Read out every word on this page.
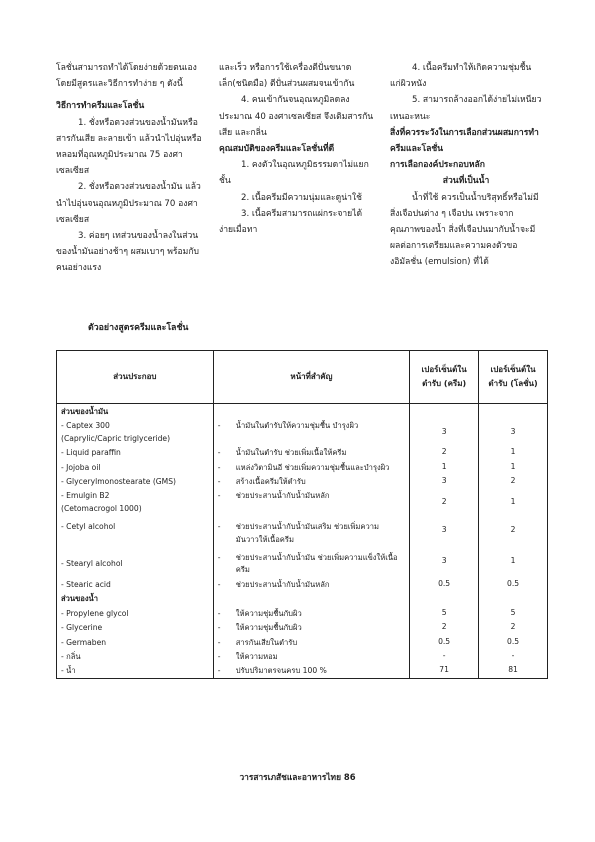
โลชั่นสามารถทำได้โดยง่ายด้วยตนเอง โดยมีสูตรและวิธีการทำง่าย ๆ ดังนี้

วิธีการทำครีมและโลชั่น

1. ชั่งหรือตวงส่วนของน้ำมันหรือสารกันเสีย ละลายเข้า แล้วนำไปอุ่นหรือหลอมที่อุณหภูมิประมาณ 75 องศาเซลเซียส

2. ชั่งหรือตวงส่วนของน้ำมัน แล้วนำไปอุ่นจนอุณหภูมิประมาณ 70 องศาเซลเซียส

3. ค่อยๆ เทส่วนของน้ำลงในส่วนของน้ำมันอย่างช้าๆ ผสมเบาๆ พร้อมกับคนอย่างแรง

และเร็ว หรือการใช้เครื่องตีปั่นขนาดเล็ก(ชนิดมือ) ตีปั่นส่วนผสมจนเข้ากัน

4. คนเข้ากันจนอุณหภูมิลดลงประมาณ 40 องศาเซลเซียส จึงเติมสารกันเสีย และกลิ่น

คุณสมบัติของครีมและโลชั่นที่ดี

1. คงตัวในอุณหภูมิธรรมดาไม่แยกชั้น

2. เนื้อครีมมีความนุ่มและดูน่าใช้

3. เนื้อครีมสามารถแผ่กระจายได้ง่ายเมื่อทา

4. เนื้อครีมทำให้เกิดความชุ่มชื้นแก่ผิวหนัง

5. สามารถล้างออกได้ง่ายไม่เหนียวเหนอะหนะ

สิ่งที่ควรระวังในการเลือกส่วนผสมการทำครีมและโลชั่น

การเลือกองค์ประกอบหลัก

ส่วนที่เป็นน้ำ

น้ำที่ใช้ ควรเป็นน้ำบริสุทธิ์หรือไม่มีสิ่งเจือปนต่าง ๆ เจือปน เพราะจากคุณภาพของน้ำ สิ่งที่เจือปนมากับน้ำจะมีผลต่อการเตรียมและความคงตัวของอิมัลชั่น (emulsion) ที่ได้

ตัวอย่างสูตรครีมและโลชั่น
ส่วนประกอบ	หน้าที่สำคัญ	เปอร์เซ็นต์ในตำรับ (ครีม)	เปอร์เซ็นต์ในตำรับ (โลชั่น)
ส่วนของน้ำมัน			

- Captex 300
(Caprylic/Capric triglyceride)	- น้ำมันในตำรับให้ความชุ่มชื้น บำรุงผิว	3	3

- Liquid paraffin	- น้ำมันในตำรับ ช่วยเพิ่มเนื้อให้ครีม	2	1

- Jojoba oil	- แหล่งวิตามินอี ช่วยเพิ่มความชุ่มชื้นและบำรุงผิว	1	1

- Glycerylmonostearate (GMS)	- สร้างเนื้อครีมให้ตำรับ	3	2

- Emulgin B2
(Cetomacrogol 1000)	- ช่วยประสานน้ำกับน้ำมันหลัก	2	1

- Cetyl alcohol	- ช่วยประสานน้ำกับน้ำมันเสริม ช่วยเพิ่มความ
มันวาวให้เนื้อครีม	3	2

- Stearyl alcohol	- ช่วยประสานน้ำกับน้ำมัน ช่วยเพิ่มความแข็งให้เนื้อ
ครีม	3	1

- Stearic acid	- ช่วยประสานน้ำกับน้ำมันหลัก	0.5	0.5
ส่วนของน้ำ			

- Propylene glycol	- ให้ความชุ่มชื้นกับผิว	5	5

- Glycerine	- ให้ความชุ่มชื้นกับผิว	2	2

- Germaben	- สารกันเสียในตำรับ	0.5	0.5

- กลิ่น	- ให้ความหอม	-	-

- น้ำ	- ปรับปริมาตรจนครบ 100 %	71	81
วารสารเภสัชและอาหารไทย 86
